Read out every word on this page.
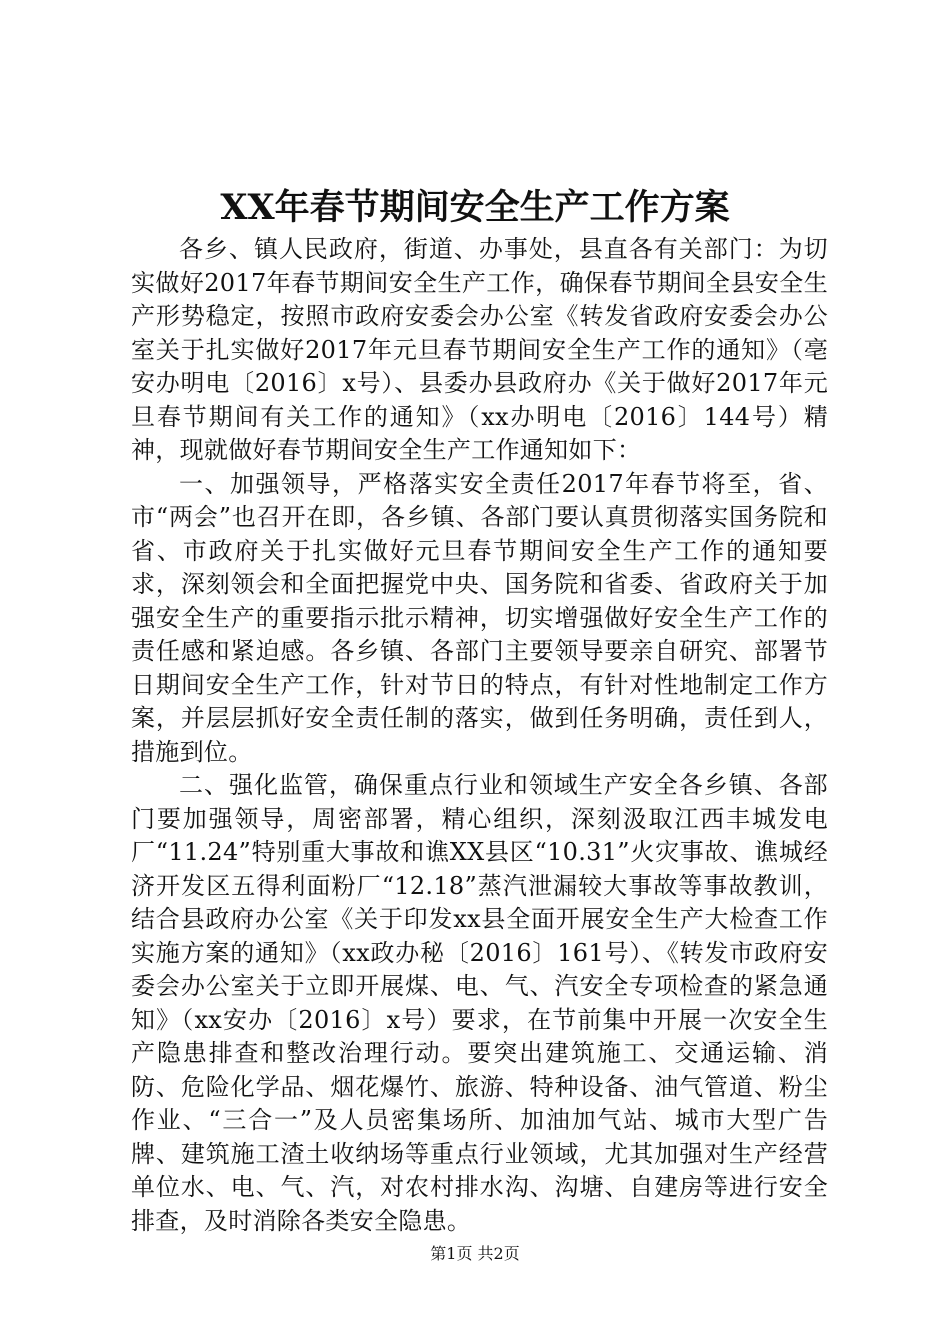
XX年春节期间安全生产工作方案

各乡、镇人民政府，街道、办事处，县直各有关部门：为切实做好2017年春节期间安全生产工作，确保春节期间全县安全生产形势稳定，按照市政府安委会办公室《转发省政府安委会办公室关于扎实做好2017年元旦春节期间安全生产工作的通知》（亳安办明电〔2016〕x号）、县委办县政府办《关于做好2017年元旦春节期间有关工作的通知》（xx办明电〔2016〕144号）精神，现就做好春节期间安全生产工作通知如下：

一、加强领导，严格落实安全责任2017年春节将至，省、市“两会”也召开在即，各乡镇、各部门要认真贯彻落实国务院和省、市政府关于扎实做好元旦春节期间安全生产工作的通知要求，深刻领会和全面把握党中央、国务院和省委、省政府关于加强安全生产的重要指示批示精神，切实增强做好安全生产工作的责任感和紧迫感。各乡镇、各部门主要领导要亲自研究、部署节日期间安全生产工作，针对节日的特点，有针对性地制定工作方案，并层层抓好安全责任制的落实，做到任务明确，责任到人，措施到位。

二、强化监管，确保重点行业和领域生产安全各乡镇、各部门要加强领导，周密部署，精心组织，深刻汲取江西丰城发电厂“11.24”特别重大事故和谯XX县区“10.31”火灾事故、谯城经济开发区五得利面粉厂“12.18”蒸汽泄漏较大事故等事故教训，结合县政府办公室《关于印发xx县全面开展安全生产大检查工作实施方案的通知》（xx政办秘〔2016〕161号）、《转发市政府安委会办公室关于立即开展煤、电、气、汽安全专项检查的紧急通知》（xx安办〔2016〕x号）要求，在节前集中开展一次安全生产隐患排查和整改治理行动。要突出建筑施工、交通运输、消防、危险化学品、烟花爆竹、旅游、特种设备、油气管道、粉尘作业、“三合一”及人员密集场所、加油加气站、城市大型广告牌、建筑施工渣土收纳场等重点行业领域，尤其加强对生产经营单位水、电、气、汽，对农村排水沟、沟塘、自建房等进行安全排查，及时消除各类安全隐患。

第1页 共2页
